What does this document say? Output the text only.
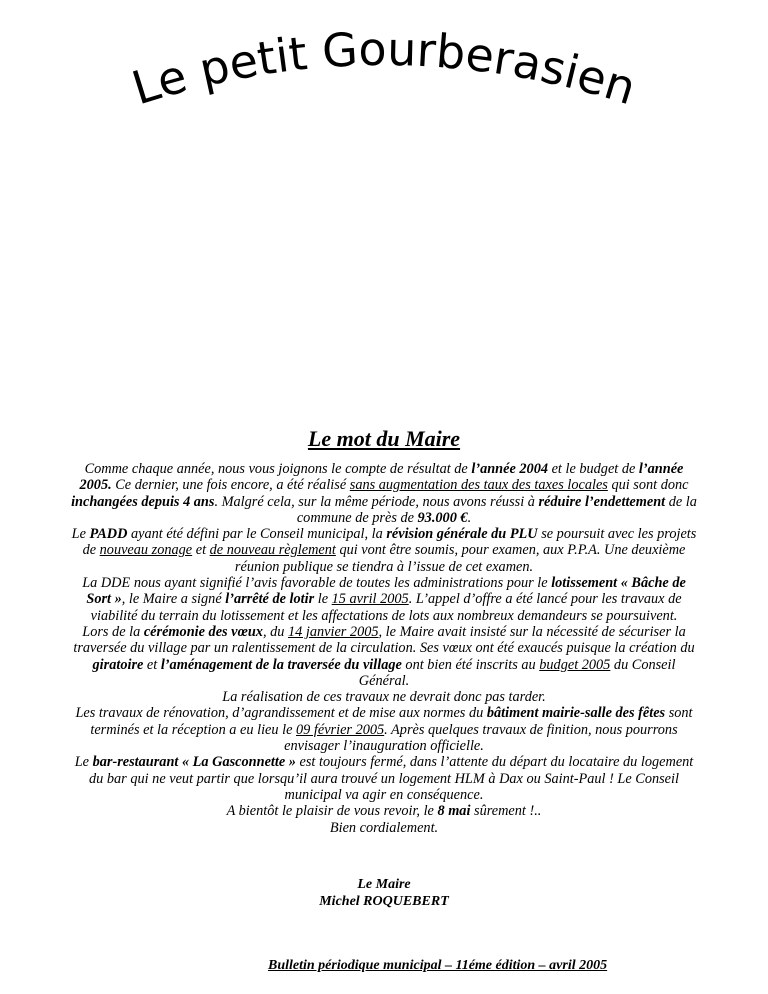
Le petit Gourberasien
Le mot du Maire

Comme chaque année, nous vous joignons le compte de résultat de l’année 2004 et le budget de l’année 2005. Ce dernier, une fois encore, a été réalisé sans augmentation des taux des taxes locales qui sont donc inchangées depuis 4 ans. Malgré cela, sur la même période, nous avons réussi à réduire l’endettement de la commune de près de 93.000 €.

Le PADD ayant été défini par le Conseil municipal, la révision générale du PLU se poursuit avec les projets de nouveau zonage et de nouveau règlement qui vont être soumis, pour examen, aux P.P.A. Une deuxième réunion publique se tiendra à l’issue de cet examen.

La DDE nous ayant signifié l’avis favorable de toutes les administrations pour le lotissement « Bâche de Sort », le Maire a signé l’arrêté de lotir le 15 avril 2005. L’appel d’offre a été lancé pour les travaux de viabilité du terrain du lotissement et les affectations de lots aux nombreux demandeurs se poursuivent.

Lors de la cérémonie des vœux, du 14 janvier 2005, le Maire avait insisté sur la nécessité de sécuriser la traversée du village par un ralentissement de la circulation. Ses vœux ont été exaucés puisque la création du giratoire et l’aménagement de la traversée du village ont bien été inscrits au budget 2005 du Conseil Général.

La réalisation de ces travaux ne devrait donc pas tarder.

Les travaux de rénovation, d’agrandissement et de mise aux normes du bâtiment mairie-salle des fêtes sont terminés et la réception a eu lieu le 09 février 2005. Après quelques travaux de finition, nous pourrons envisager l’inauguration officielle.

Le bar-restaurant « La Gasconnette » est toujours fermé, dans l’attente du départ du locataire du logement du bar qui ne veut partir que lorsqu’il aura trouvé un logement HLM à Dax ou Saint-Paul ! Le Conseil municipal va agir en conséquence.

A bientôt le plaisir de vous revoir, le 8 mai sûrement !..

Bien cordialement.

Le Maire
Michel ROQUEBERT
Bulletin périodique municipal – 11éme édition – avril 2005
